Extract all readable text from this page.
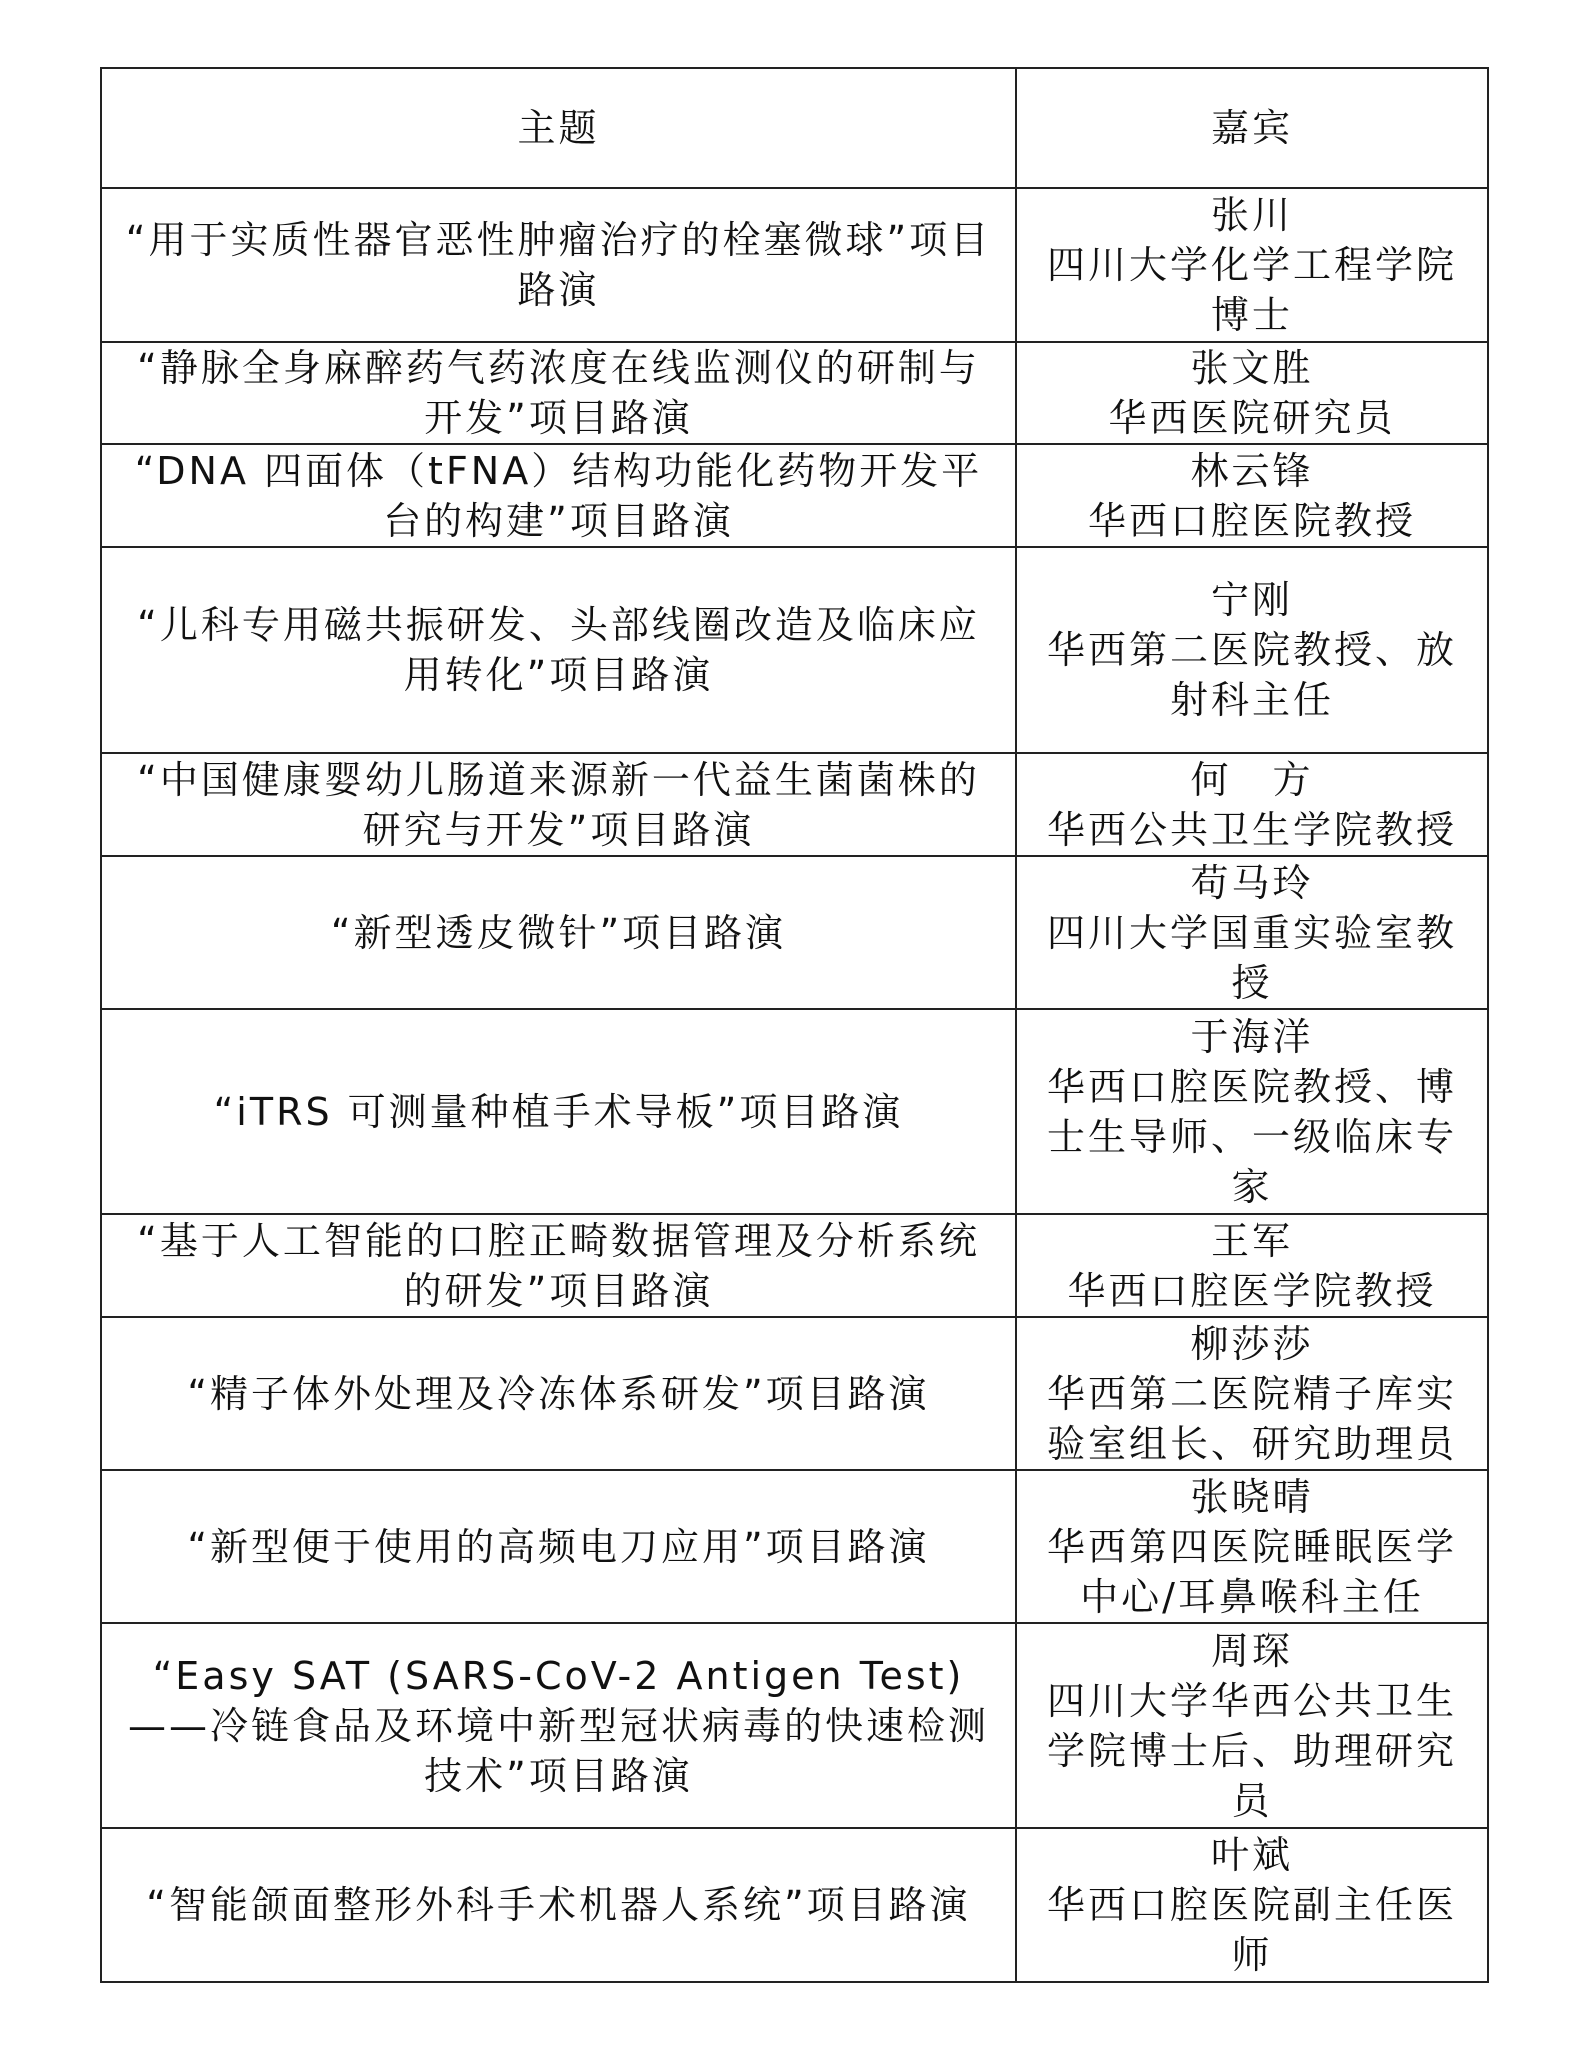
主题	嘉宾

“用于实质性器官恶性肿瘤治疗的栓塞微球”项目路演	张川
四川大学化学工程学院博士

“静脉全身麻醉药气药浓度在线监测仪的研制与开发”项目路演	张文胜
华西医院研究员

“DNA 四面体（tFNA）结构功能化药物开发平台的构建”项目路演	林云锋
华西口腔医院教授

“儿科专用磁共振研发、头部线圈改造及临床应用转化”项目路演	宁刚
华西第二医院教授、放射科主任

“中国健康婴幼儿肠道来源新一代益生菌菌株的研究与开发”项目路演	何　方
华西公共卫生学院教授

“新型透皮微针”项目路演	苟马玲
四川大学国重实验室教授

“iTRS 可测量种植手术导板”项目路演	于海洋
华西口腔医院教授、博士生导师、一级临床专家

“基于人工智能的口腔正畸数据管理及分析系统的研发”项目路演	王军
华西口腔医学院教授

“精子体外处理及冷冻体系研发”项目路演	柳莎莎
华西第二医院精子库实验室组长、研究助理员

“新型便于使用的高频电刀应用”项目路演	张晓晴
华西第四医院睡眠医学中心/耳鼻喉科主任

“Easy SAT (SARS-CoV-2 Antigen Test) ——冷链食品及环境中新型冠状病毒的快速检测技术”项目路演	周琛
四川大学华西公共卫生学院博士后、助理研究员

“智能颌面整形外科手术机器人系统”项目路演	叶斌
华西口腔医院副主任医师
